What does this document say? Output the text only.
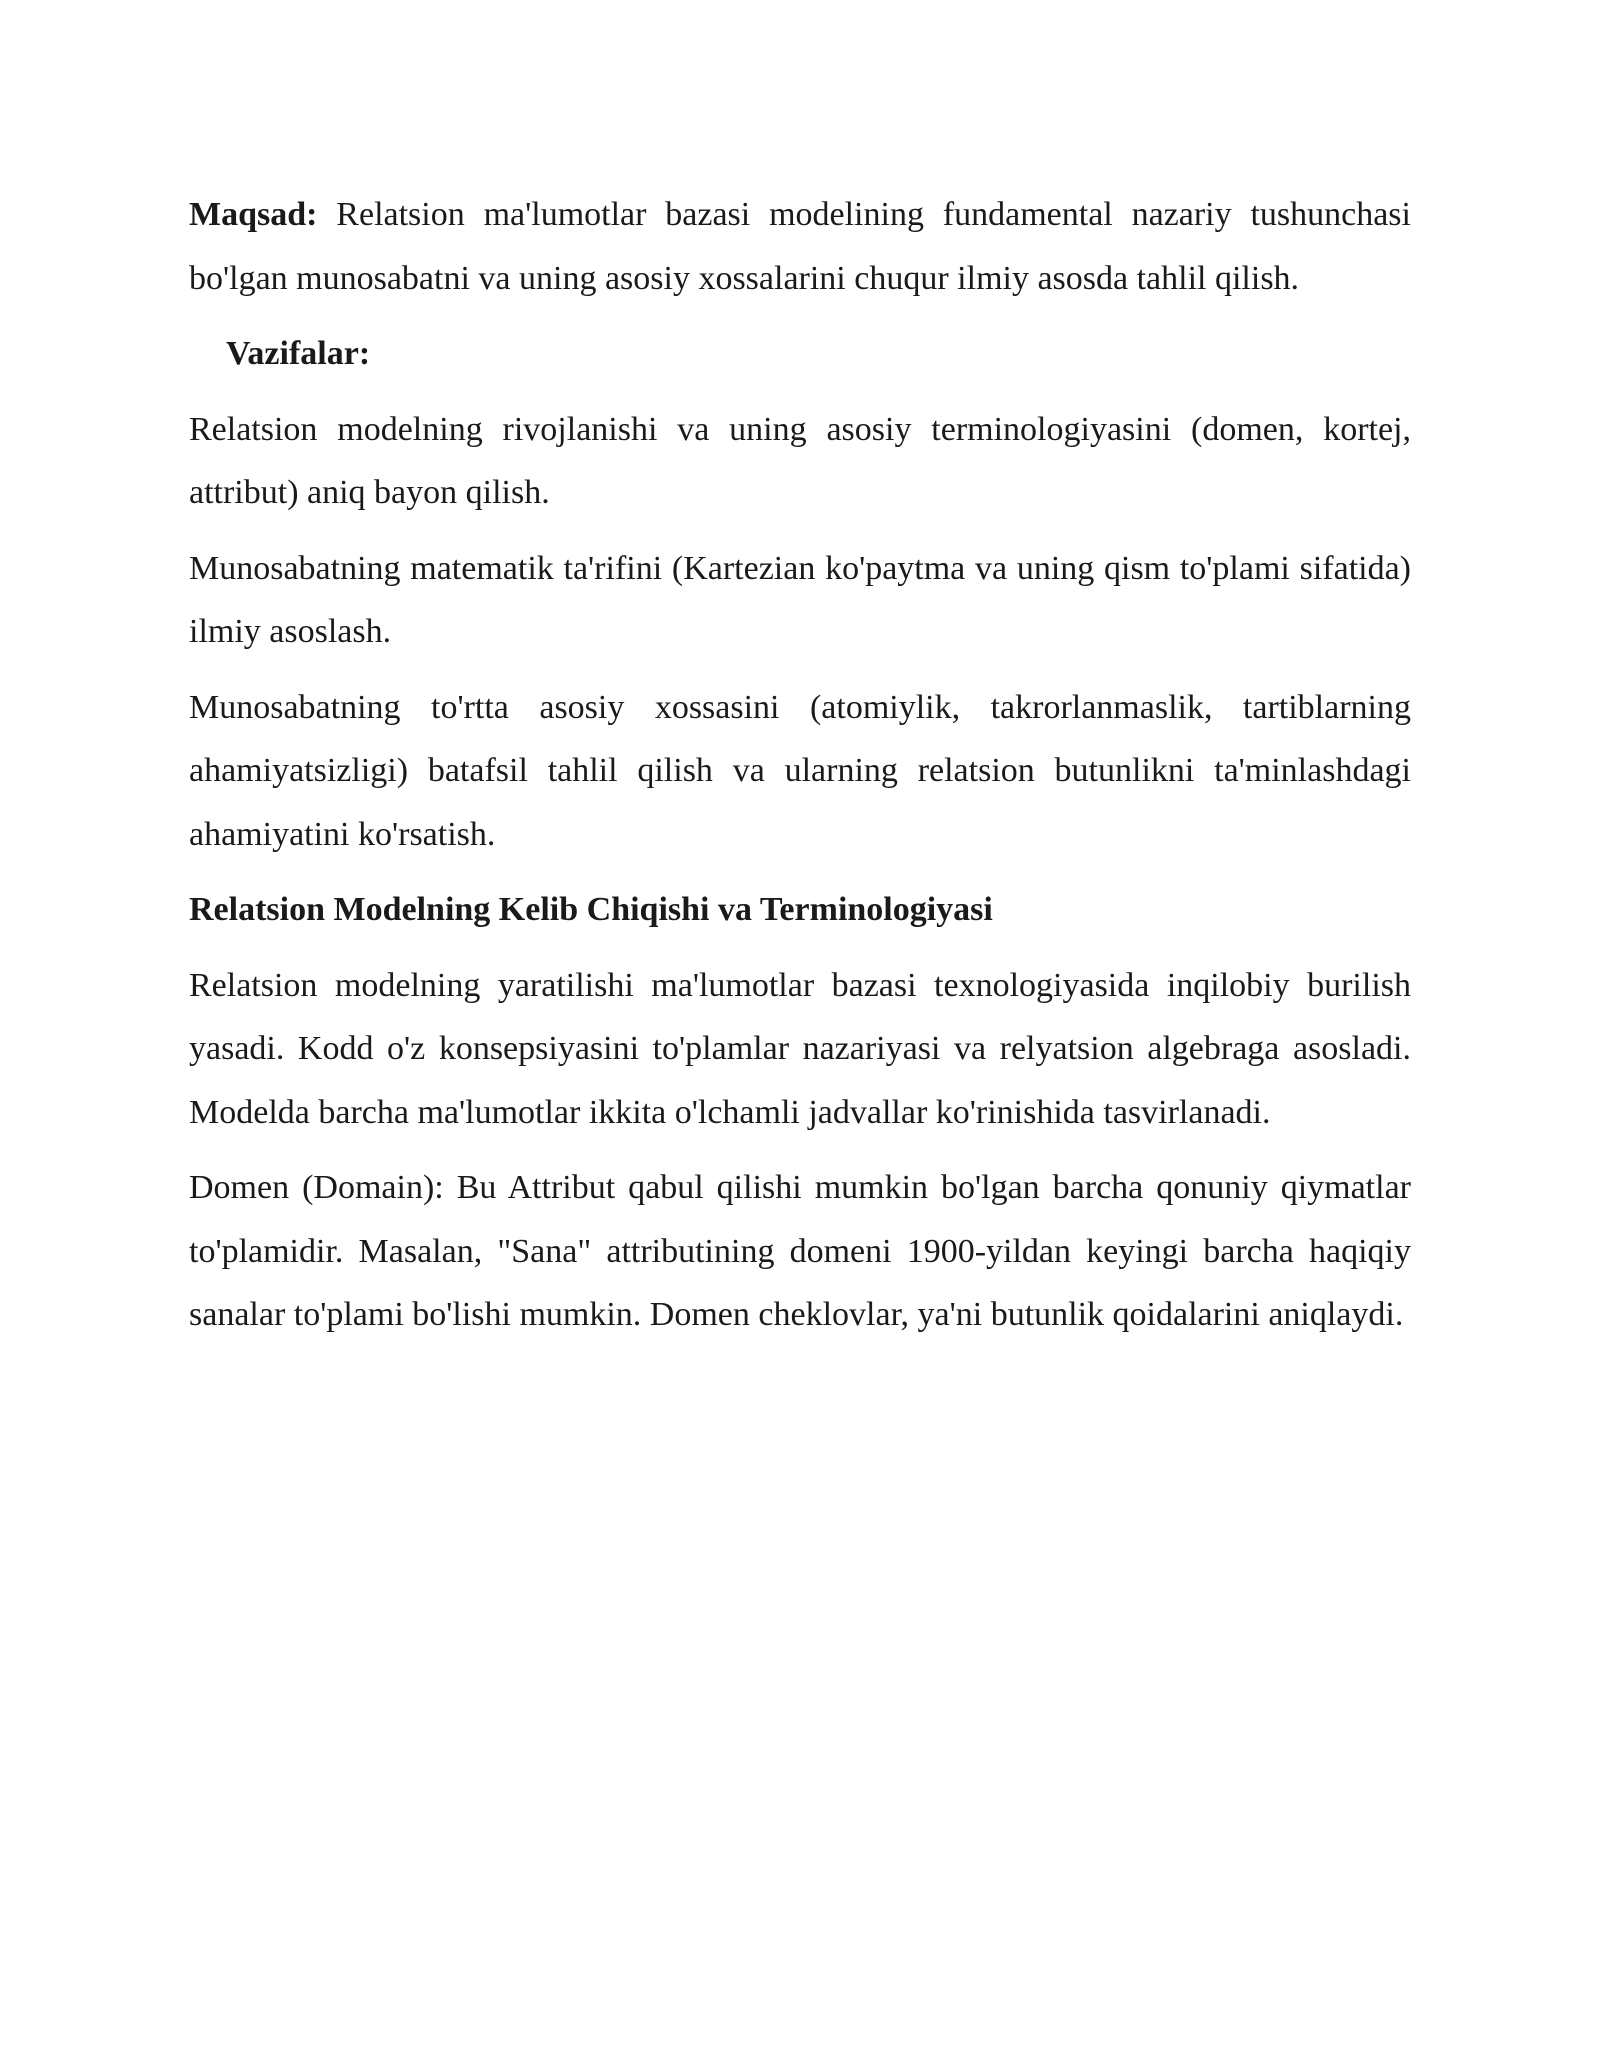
Maqsad: Relatsion ma'lumotlar bazasi modelining fundamental nazariy tushunchasi bo'lgan munosabatni va uning asosiy xossalarini chuqur ilmiy asosda tahlil qilish.

Vazifalar:

Relatsion modelning rivojlanishi va uning asosiy terminologiyasini (domen, kortej, attribut) aniq bayon qilish.

Munosabatning matematik ta'rifini (Kartezian ko'paytma va uning qism to'plami sifatida) ilmiy asoslash.

Munosabatning to'rtta asosiy xossasini (atomiylik, takrorlanmaslik, tartiblarning ahamiyatsizligi) batafsil tahlil qilish va ularning relatsion butunlikni ta'minlashdagi ahamiyatini ko'rsatish.

Relatsion Modelning Kelib Chiqishi va Terminologiyasi

Relatsion modelning yaratilishi ma'lumotlar bazasi texnologiyasida inqilobiy burilish yasadi. Kodd o'z konsepsiyasini to'plamlar nazariyasi va relyatsion algebraga asosladi. Modelda barcha ma'lumotlar ikkita o'lchamli jadvallar ko'rinishida tasvirlanadi.

Domen (Domain): Bu Attribut qabul qilishi mumkin bo'lgan barcha qonuniy qiymatlar to'plamidir. Masalan, "Sana" attributining domeni 1900-yildan keyingi barcha haqiqiy sanalar to'plami bo'lishi mumkin. Domen cheklovlar, ya'ni butunlik qoidalarini aniqlaydi.
